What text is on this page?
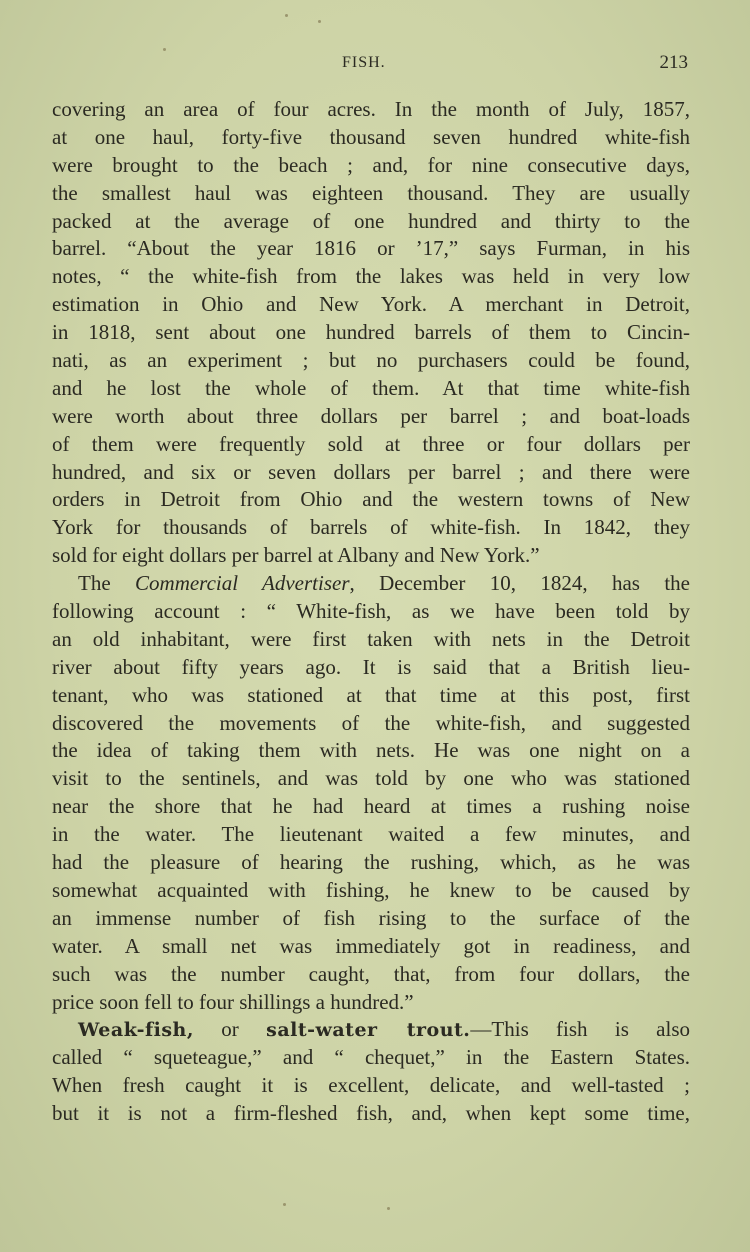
FISH.	213
covering an area of four acres. In the month of July, 1857,
at one haul, forty-five thousand seven hundred white-fish
were brought to the beach ; and, for nine consecutive days,
the smallest haul was eighteen thousand. They are usually
packed at the average of one hundred and thirty to the
barrel. “About the year 1816 or ’17,” says Furman, in his
notes, “ the white-fish from the lakes was held in very low
estimation in Ohio and New York. A merchant in Detroit,
in 1818, sent about one hundred barrels of them to Cincin-
nati, as an experiment ; but no purchasers could be found,
and he lost the whole of them. At that time white-fish
were worth about three dollars per barrel ; and boat-loads
of them were frequently sold at three or four dollars per
hundred, and six or seven dollars per barrel ; and there were
orders in Detroit from Ohio and the western towns of New
York for thousands of barrels of white-fish. In 1842, they
sold for eight dollars per barrel at Albany and New York.”
The Commercial Advertiser, December 10, 1824, has the
following account : “ White-fish, as we have been told by
an old inhabitant, were first taken with nets in the Detroit
river about fifty years ago. It is said that a British lieu-
tenant, who was stationed at that time at this post, first
discovered the movements of the white-fish, and suggested
the idea of taking them with nets. He was one night on a
visit to the sentinels, and was told by one who was stationed
near the shore that he had heard at times a rushing noise
in the water. The lieutenant waited a few minutes, and
had the pleasure of hearing the rushing, which, as he was
somewhat acquainted with fishing, he knew to be caused by
an immense number of fish rising to the surface of the
water. A small net was immediately got in readiness, and
such was the number caught, that, from four dollars, the
price soon fell to four shillings a hundred.”
Weak-fish, or salt-water trout.—This fish is also
called “ squeteague,” and “ chequet,” in the Eastern States.
When fresh caught it is excellent, delicate, and well-tasted ;
but it is not a firm-fleshed fish, and, when kept some time,
